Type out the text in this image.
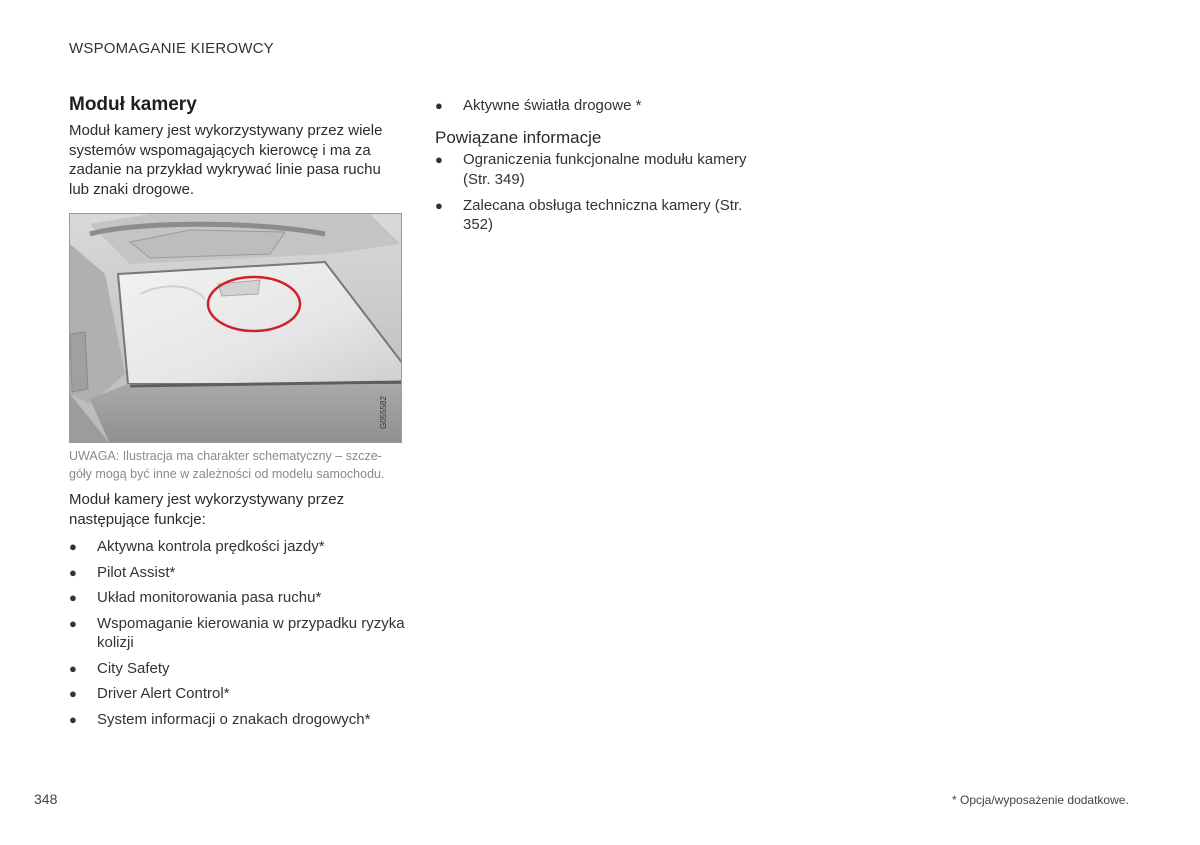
WSPOMAGANIE KIEROWCY
Moduł kamery
Moduł kamery jest wykorzystywany przez wiele systemów wspomagających kierowcę i ma za zadanie na przykład wykrywać linie pasa ruchu lub znaki drogowe.
G055582
UWAGA: Ilustracja ma charakter schematyczny – szcze-góły mogą być inne w zależności od modelu samochodu.
Moduł kamery jest wykorzystywany przez następujące funkcje:
● Aktywna kontrola prędkości jazdy*
● Pilot Assist*
● Układ monitorowania pasa ruchu*
● Wspomaganie kierowania w przypadku ryzyka kolizji
● City Safety
● Driver Alert Control*
● System informacji o znakach drogowych*
● Aktywne światła drogowe *
Powiązane informacje
● Ograniczenia funkcjonalne modułu kamery (Str. 349)
● Zalecana obsługa techniczna kamery (Str. 352)
348	* Opcja/wyposażenie dodatkowe.
